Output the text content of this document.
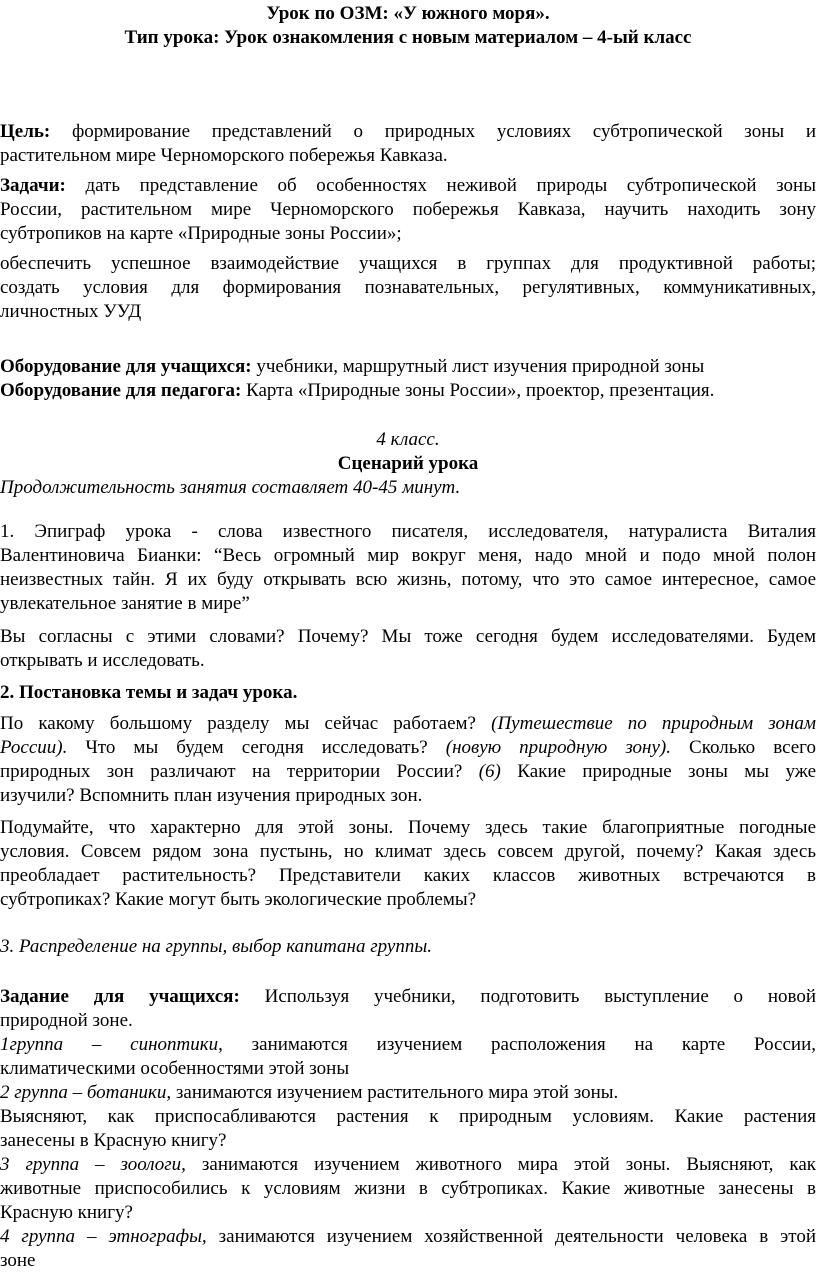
Урок по ОЗМ: «У южного моря».
Тип урока: Урок ознакомления с новым материалом – 4-ый класс
Цель: формирование представлений о природных условиях субтропической зоны и
растительном мире Черноморского побережья Кавказа.
Задачи: дать представление об особенностях неживой природы субтропической зоны
России, растительном мире Черноморского побережья Кавказа, научить находить зону
субтропиков на карте «Природные зоны России»;
обеспечить успешное взаимодействие учащихся в группах для продуктивной работы;
создать условия для формирования познавательных, регулятивных, коммуникативных,
личностных УУД
Оборудование для учащихся: учебники, маршрутный лист изучения природной зоны
Оборудование для педагога: Карта «Природные зоны России», проектор, презентация.
4 класс.
Сценарий урока
Продолжительность занятия составляет 40-45 минут.
1. Эпиграф урока - слова известного писателя, исследователя, натуралиста Виталия
Валентиновича Бианки: “Весь огромный мир вокруг меня, надо мной и подо мной полон
неизвестных тайн. Я их буду открывать всю жизнь, потому, что это самое интересное, самое
увлекательное занятие в мире”
Вы согласны с этими словами? Почему? Мы тоже сегодня будем исследователями. Будем
открывать и исследовать.
2. Постановка темы и задач урока.
По какому большому разделу мы сейчас работаем? (Путешествие по природным зонам
России). Что мы будем сегодня исследовать? (новую природную зону). Сколько всего
природных зон различают на территории России? (6) Какие природные зоны мы уже
изучили? Вспомнить план изучения природных зон.
Подумайте, что характерно для этой зоны. Почему здесь такие благоприятные погодные
условия. Совсем рядом зона пустынь, но климат здесь совсем другой, почему? Какая здесь
преобладает растительность? Представители каких классов животных встречаются в
субтропиках? Какие могут быть экологические проблемы?
3. Распределение на группы, выбор капитана группы.
Задание для учащихся: Используя учебники, подготовить выступление о новой
природной зоне.
1группа – синоптики, занимаются изучением расположения на карте России,
климатическими особенностями этой зоны
2 группа – ботаники, занимаются изучением растительного мира этой зоны.
Выясняют, как приспосабливаются растения к природным условиям. Какие растения
занесены в Красную книгу?
3 группа – зоологи, занимаются изучением животного мира этой зоны. Выясняют, как
животные приспособились к условиям жизни в субтропиках. Какие животные занесены в
Красную книгу?
4 группа – этнографы, занимаются изучением хозяйственной деятельности человека в этой
зоне
